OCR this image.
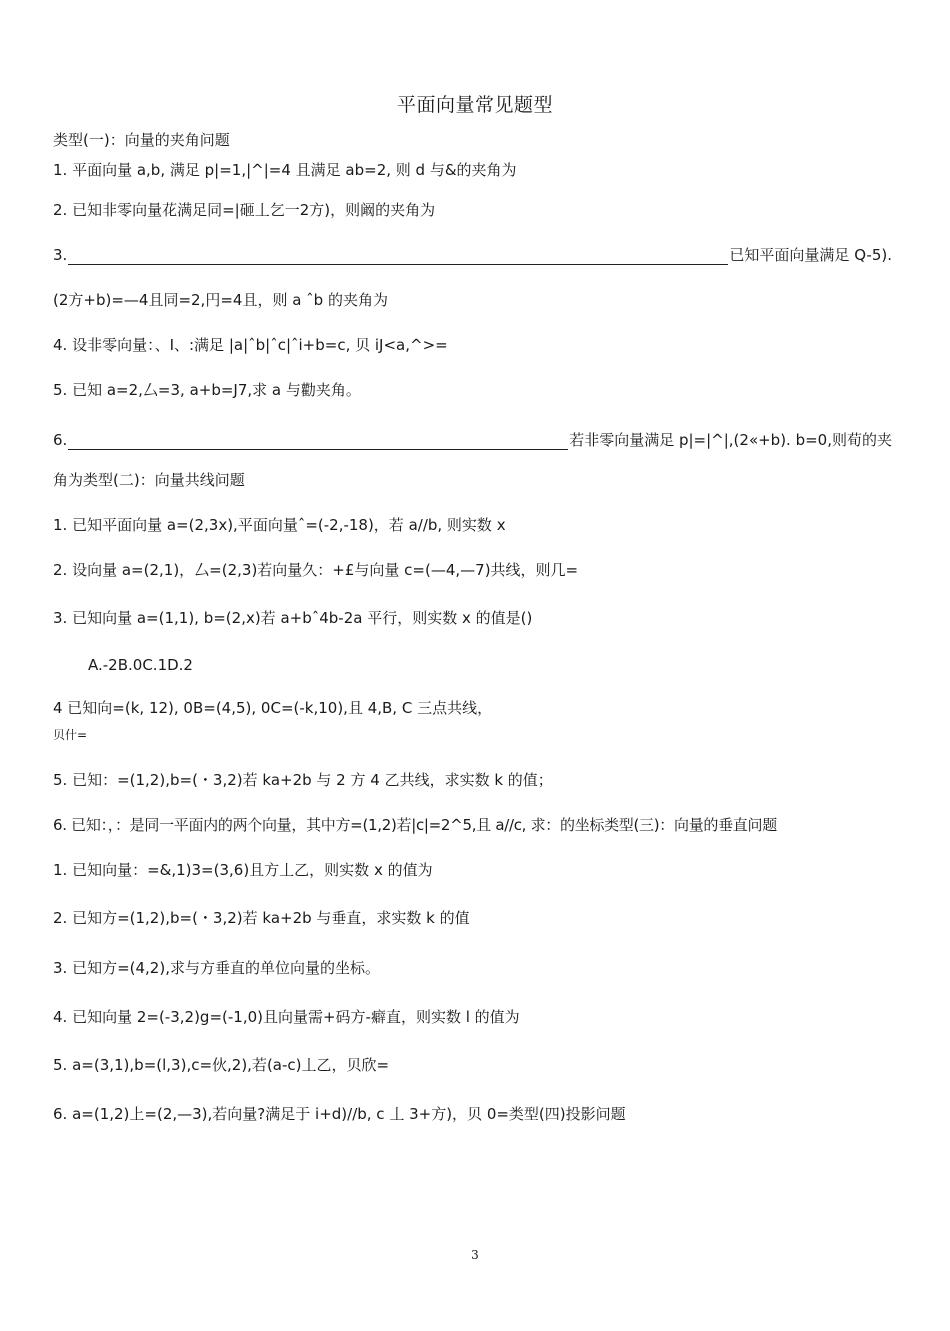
平面向量常见题型
类型(一)：向量的夹角问题
1. 平面向量 a,b, 满足 p|=1,|^|=4 且满足 ab=2, 则 d 与&的夹角为
2. 已知非零向量花满足同=|砸丄乞一2方)，则阚的夹角为
3.	已知平面向量满足 Q-5).
(2方+b)=—4且同=2,円=4且，则 a ˆb 的夹角为
4. 设非零向量：、I、:满足 |a|ˆb|ˆc|ˆi+b=c, 贝 iJ<a,^>=
5. 已知 a=2,厶=3, a+b=J7,求 a 与勸夹角。
6.	若非零向量满足 p|=|^|,(2«+b). b=0,则荀的夹
角为类型(二)：向量共线问题
1. 已知平面向量 a=(2,3x),平面向量ˆ=(-2,-18)，若 a//b, 则实数 x
2. 设向量 a=(2,1)，厶=(2,3)若向量久：+£与向量 c=(—4,—7)共线，则几=
3. 已知向量 a=(1,1), b=(2,x)若 a+bˆ4b-2a 平行，则实数 x 的值是()
A.-2B.0C.1D.2
4 已知向=(k, 12), 0B=(4,5), 0C=(-k,10),且 4,B, C 三点共线，
贝什=
5. 已知：=(1,2),b=(・3,2)若 ka+2b 与 2 方 4 乙共线，求实数 k 的值；
6. 已知：，：是同一平面内的两个向量，其中方=(1,2)若|c|=2^5,且 a//c, 求：的坐标类型(三)：向量的垂直问题
1. 已知向量：=&,1)3=(3,6)且方丄乙，则实数 x 的值为
2. 已知方=(1,2),b=(・3,2)若 ka+2b 与垂直，求实数 k 的值
3. 已知方=(4,2),求与方垂直的单位向量的坐标。
4. 已知向量 2=(-3,2)g=(-1,0)且向量需+码方-癖直，则实数 l 的值为
5. a=(3,1),b=(l,3),c=伙,2),若(a-c)丄乙，贝欣=
6. a=(1,2)上=(2,—3),若向量?满足于 i+d)//b, c 丄 3+方)，贝 0=类型(四)投影问题
3
